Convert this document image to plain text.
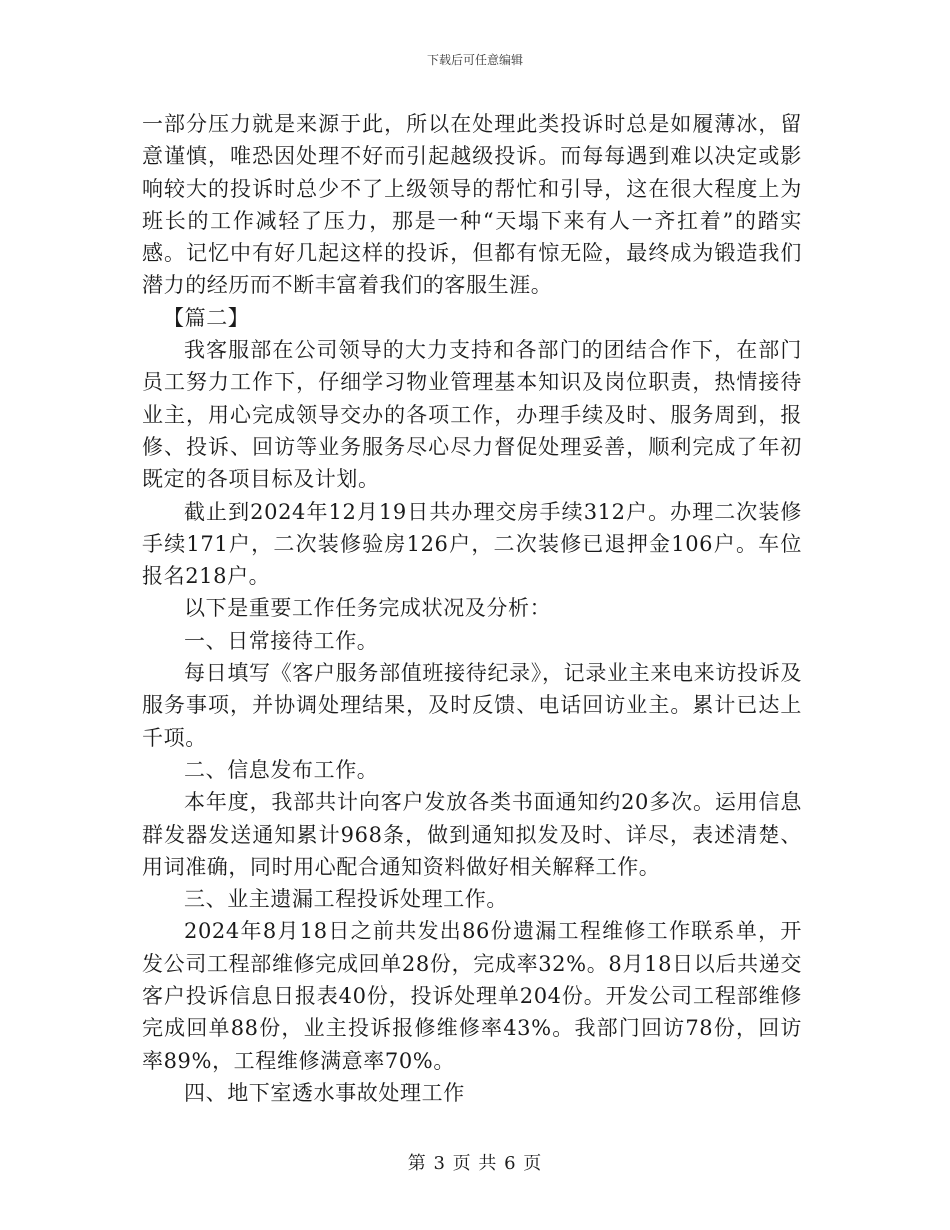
下载后可任意编辑

一部分压力就是来源于此，所以在处理此类投诉时总是如履薄冰，留意谨慎，唯恐因处理不好而引起越级投诉。而每每遇到难以决定或影响较大的投诉时总少不了上级领导的帮忙和引导，这在很大程度上为班长的工作减轻了压力，那是一种“天塌下来有人一齐扛着”的踏实感。记忆中有好几起这样的投诉，但都有惊无险，最终成为锻造我们潜力的经历而不断丰富着我们的客服生涯。

【篇二】

我客服部在公司领导的大力支持和各部门的团结合作下，在部门员工努力工作下，仔细学习物业管理基本知识及岗位职责，热情接待业主，用心完成领导交办的各项工作，办理手续及时、服务周到，报修、投诉、回访等业务服务尽心尽力督促处理妥善，顺利完成了年初既定的各项目标及计划。

截止到2024年12月19日共办理交房手续312户。办理二次装修手续171户，二次装修验房126户，二次装修已退押金106户。车位报名218户。

以下是重要工作任务完成状况及分析：

一、日常接待工作。

每日填写《客户服务部值班接待纪录》，记录业主来电来访投诉及服务事项，并协调处理结果，及时反馈、电话回访业主。累计已达上千项。

二、信息发布工作。

本年度，我部共计向客户发放各类书面通知约20多次。运用信息群发器发送通知累计968条，做到通知拟发及时、详尽，表述清楚、用词准确，同时用心配合通知资料做好相关解释工作。

三、业主遗漏工程投诉处理工作。

2024年8月18日之前共发出86份遗漏工程维修工作联系单，开发公司工程部维修完成回单28份，完成率32%。8月18日以后共递交客户投诉信息日报表40份，投诉处理单204份。开发公司工程部维修完成回单88份，业主投诉报修维修率43%。我部门回访78份，回访率89%，工程维修满意率70%。

四、地下室透水事故处理工作

第 3 页 共 6 页
